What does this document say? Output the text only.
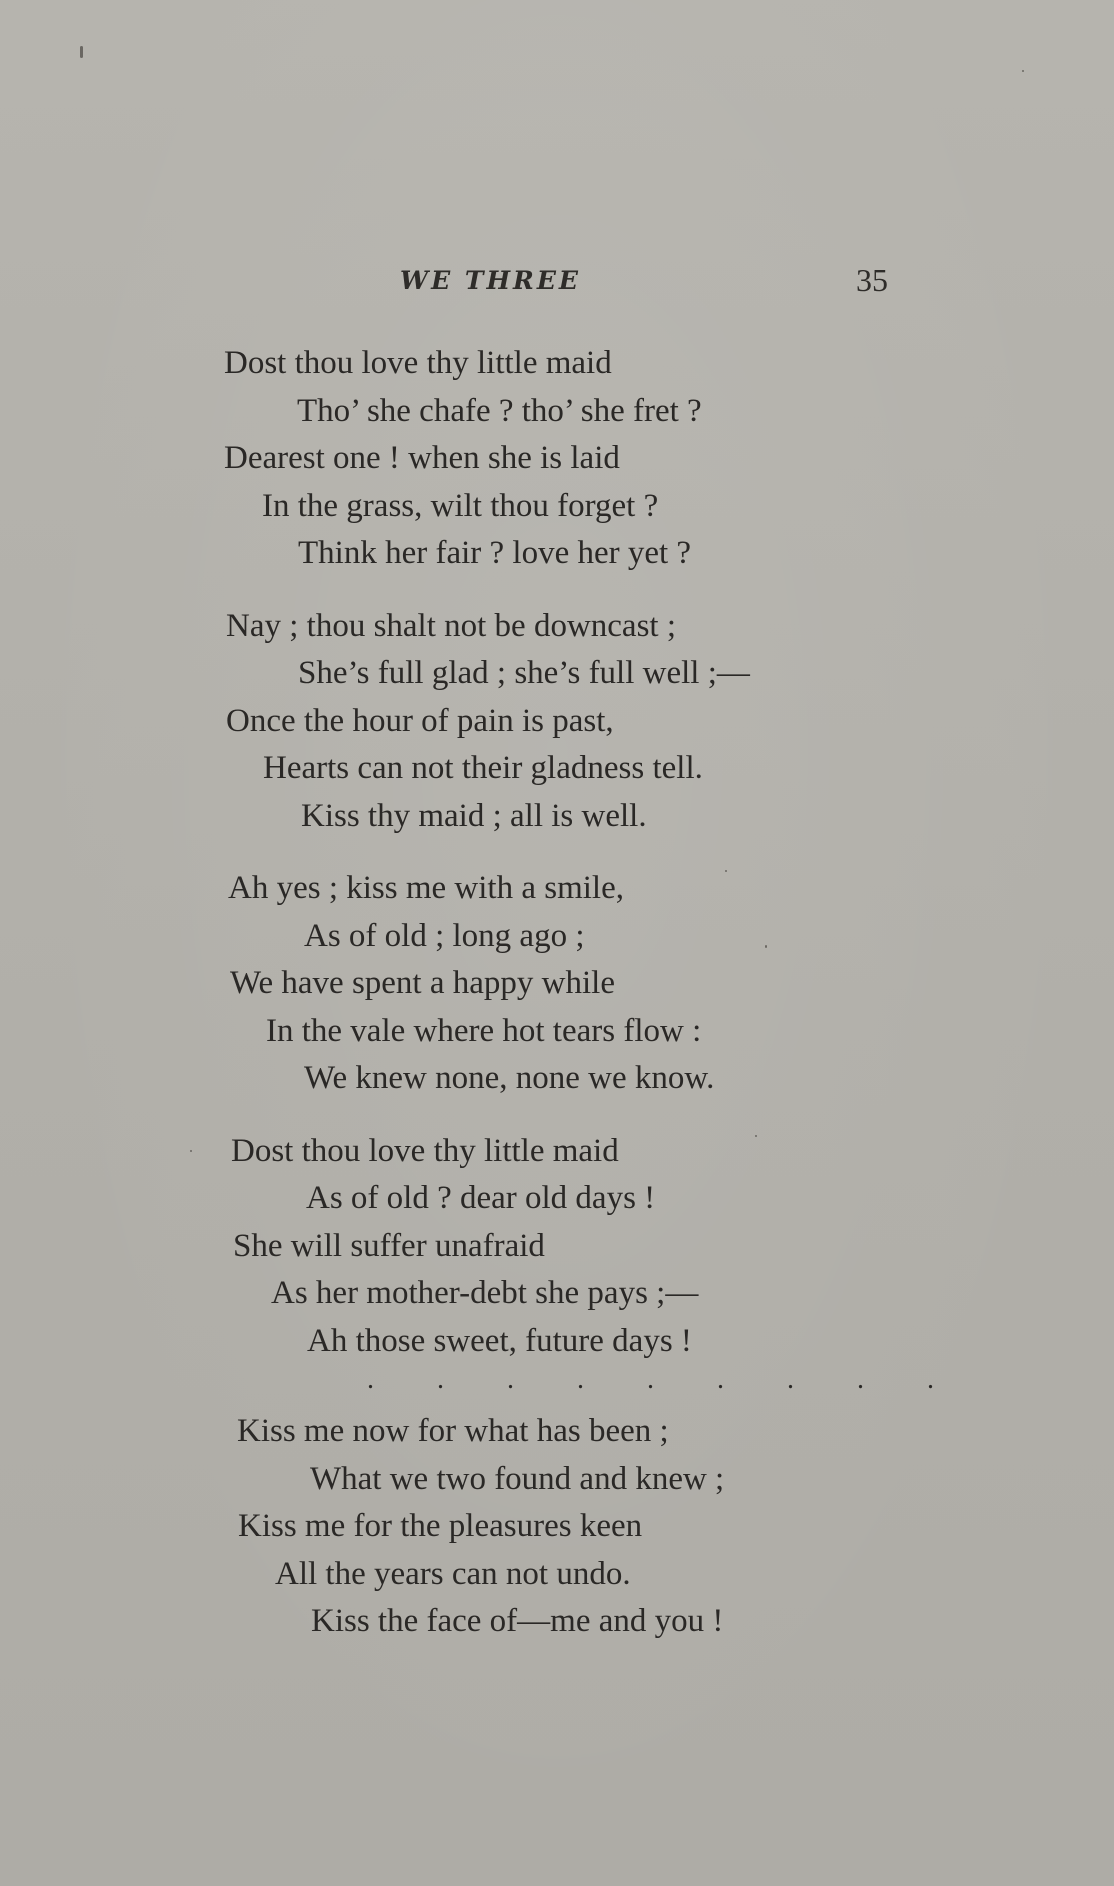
WE THREE	35
Dost thou love thy little maid
Tho’ she chafe ? tho’ she fret ?
Dearest one ! when she is laid
In the grass, wilt thou forget ?
Think her fair ? love her yet ?
Nay ; thou shalt not be downcast ;
She’s full glad ; she’s full well ;—
Once the hour of pain is past,
Hearts can not their gladness tell.
Kiss thy maid ; all is well.
Ah yes ; kiss me with a smile,
As of old ; long ago ;
We have spent a happy while
In the vale where hot tears flow :
We knew none, none we know.
Dost thou love thy little maid
As of old ? dear old days !
She will suffer unafraid
As her mother-debt she pays ;—
Ah those sweet, future days !
. . . . . . . . .
Kiss me now for what has been ;
What we two found and knew ;
Kiss me for the pleasures keen
All the years can not undo.
Kiss the face of—me and you !
